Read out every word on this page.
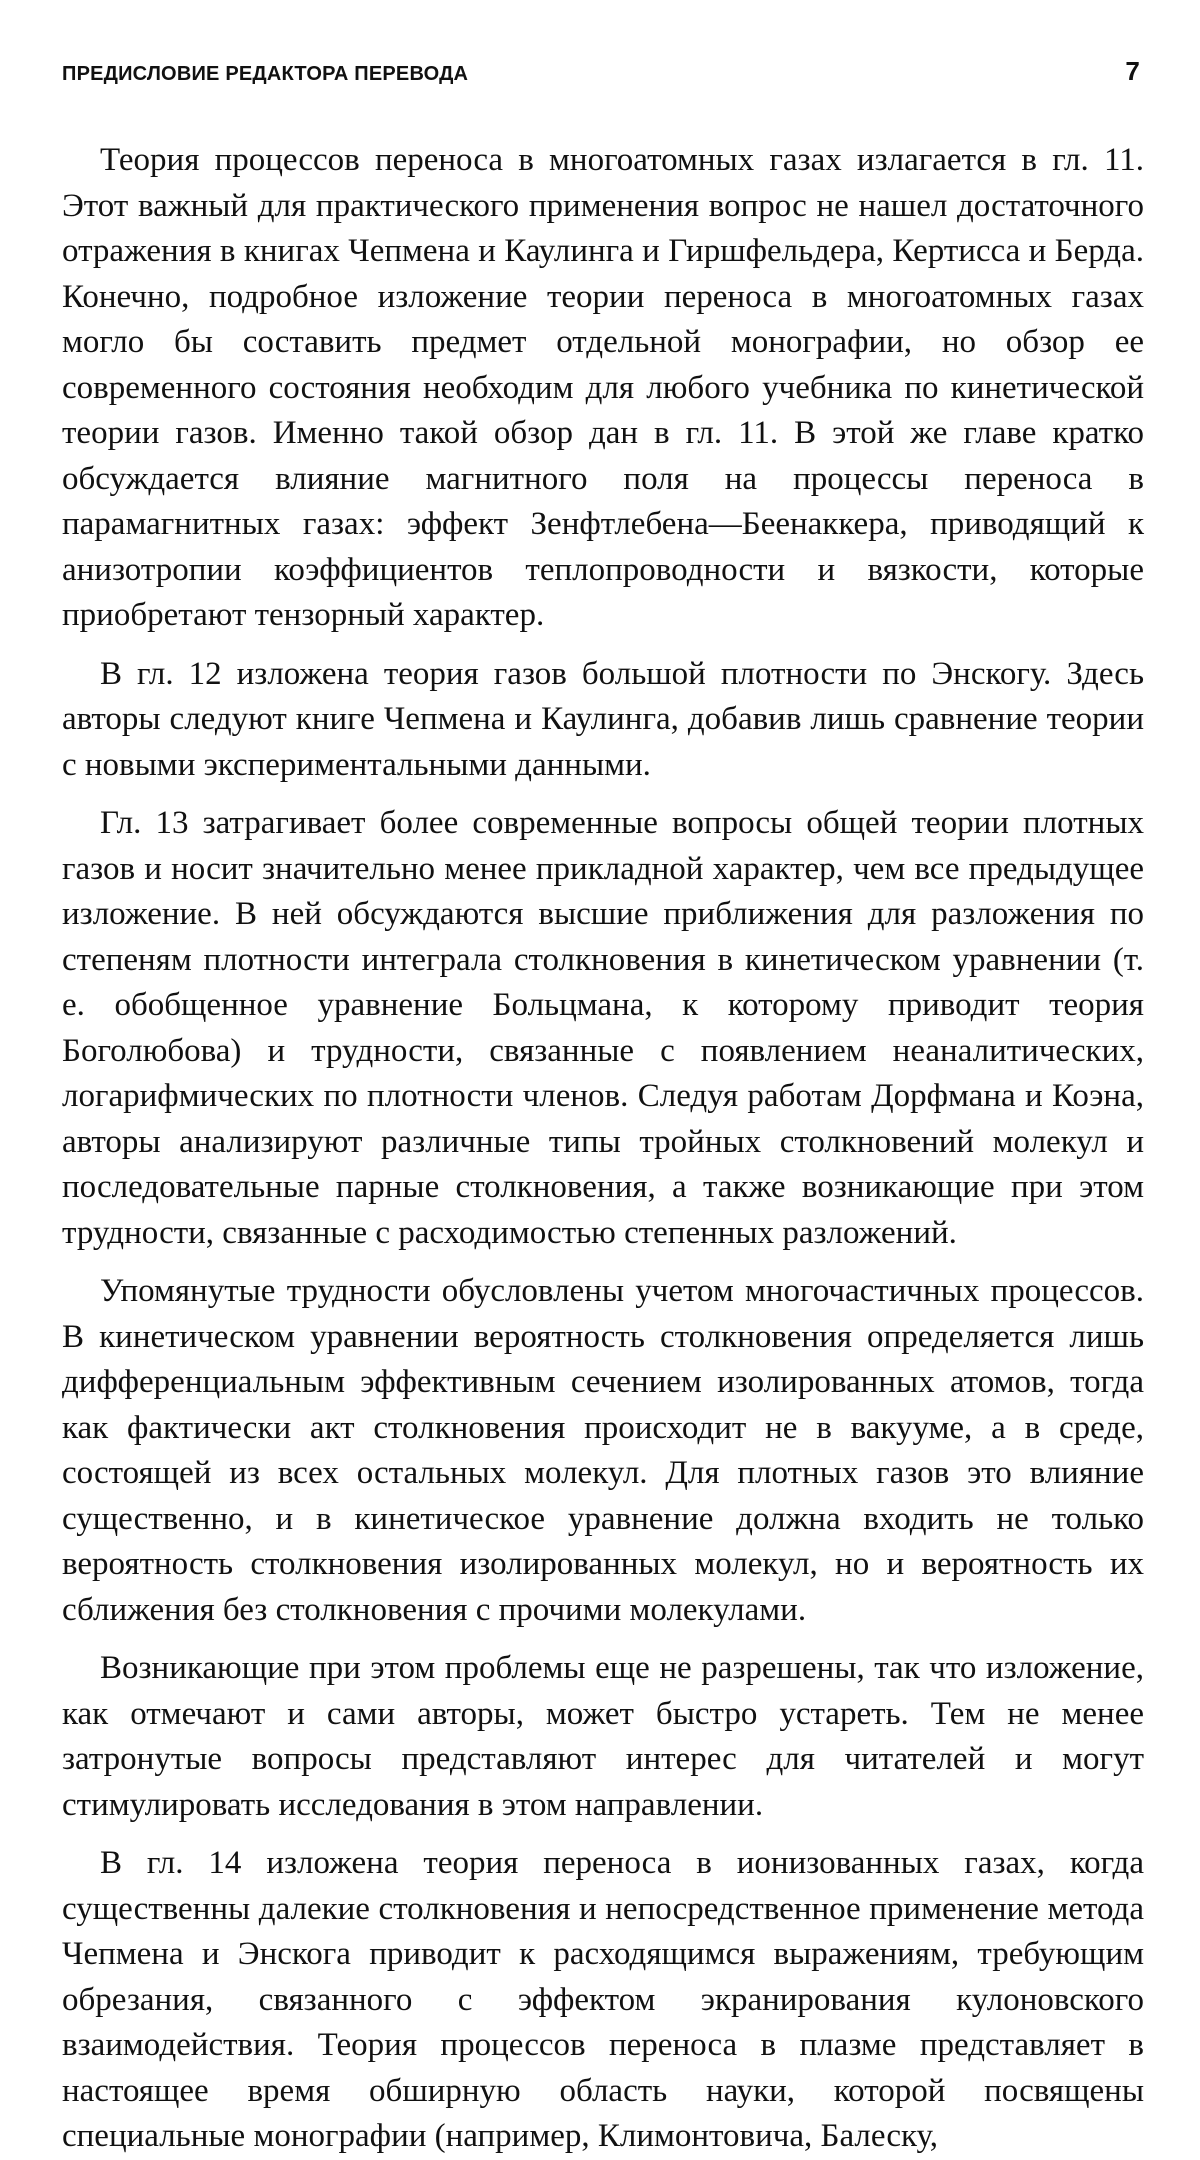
ПРЕДИСЛОВИЕ РЕДАКТОРА ПЕРЕВОДА	7

Теория процессов переноса в многоатомных газах излагается в гл. 11. Этот важный для практического применения вопрос не нашел достаточного отражения в книгах Чепмена и Каулинга и Гиршфельдера, Кертисса и Берда. Конечно, подробное изложение теории переноса в многоатомных газах могло бы составить предмет отдельной монографии, но обзор ее современного состояния необходим для любого учебника по кинетической теории газов. Именно такой обзор дан в гл. 11. В этой же главе кратко обсуждается влияние магнитного поля на процессы переноса в парамагнитных газах: эффект Зенфтлебена—Беенаккера, приводящий к анизотропии коэффициентов теплопроводности и вязкости, которые приобретают тензорный характер.

В гл. 12 изложена теория газов большой плотности по Энскогу. Здесь авторы следуют книге Чепмена и Каулинга, добавив лишь сравнение теории с новыми экспериментальными данными.

Гл. 13 затрагивает более современные вопросы общей теории плотных газов и носит значительно менее прикладной характер, чем все предыдущее изложение. В ней обсуждаются высшие приближения для разложения по степеням плотности интеграла столкновения в кинетическом уравнении (т. е. обобщенное уравнение Больцмана, к которому приводит теория Боголюбова) и трудности, связанные с появлением неаналитических, логарифмических по плотности членов. Следуя работам Дорфмана и Коэна, авторы анализируют различные типы тройных столкновений молекул и последовательные парные столкновения, а также возникающие при этом трудности, связанные с расходимостью степенных разложений.

Упомянутые трудности обусловлены учетом многочастичных процессов. В кинетическом уравнении вероятность столкновения определяется лишь дифференциальным эффективным сечением изолированных атомов, тогда как фактически акт столкновения происходит не в вакууме, а в среде, состоящей из всех остальных молекул. Для плотных газов это влияние существенно, и в кинетическое уравнение должна входить не только вероятность столкновения изолированных молекул, но и вероятность их сближения без столкновения с прочими молекулами.

Возникающие при этом проблемы еще не разрешены, так что изложение, как отмечают и сами авторы, может быстро устареть. Тем не менее затронутые вопросы представляют интерес для читателей и могут стимулировать исследования в этом направлении.

В гл. 14 изложена теория переноса в ионизованных газах, когда существенны далекие столкновения и непосредственное применение метода Чепмена и Энскога приводит к расходящимся выражениям, требующим обрезания, связанного с эффектом экранирования кулоновского взаимодействия. Теория процессов переноса в плазме представляет в настоящее время обширную область науки, которой посвящены специальные монографии (например, Климонтовича, Балеску,
